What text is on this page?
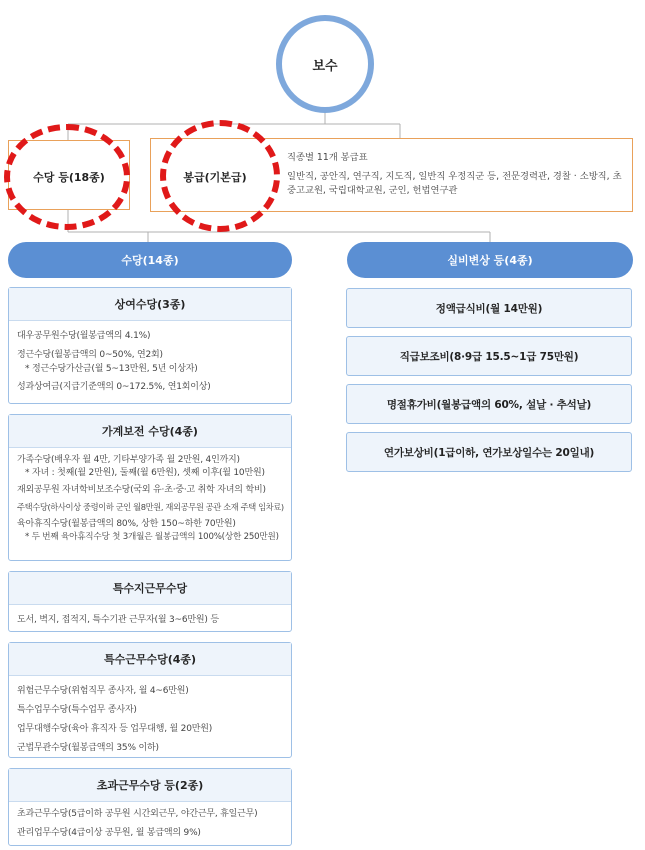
보수
수당 등(18종)	봉급(기본급)
직종별 11개 봉급표
일반직, 공안직, 연구직, 지도직, 일반직 우정직군 등, 전문경력관, 경찰 · 소방직, 초중고교원, 국립대학교원, 군인, 헌법연구관
수당(14종)	실비변상 등(4종)
상여수당(3종)
대우공무원수당(월봉급액의 4.1%)
정근수당(월봉급액의 0~50%, 연2회)
* 정근수당가산금(월 5~13만원, 5년 이상자)
성과상여금(지급기준액의 0~172.5%, 연1회이상)
가계보전 수당(4종)
가족수당(배우자 월 4만, 기타부양가족 월 2만원, 4인까지)
* 자녀 : 첫째(월 2만원), 둘째(월 6만원), 셋째 이후(월 10만원)
재외공무원 자녀학비보조수당(국외 유·초·중·고 취학 자녀의 학비)
주택수당(하사이상 중령이하 군인 월8만원, 재외공무원 공관 소재 주택 임차료)
육아휴직수당(월봉급액의 80%, 상한 150~하한 70만원)
* 두 번째 육아휴직수당 첫 3개월은 월봉급액의 100%(상한 250만원)
특수지근무수당
도서, 벽지, 접적지, 특수기관 근무자(월 3~6만원) 등
특수근무수당(4종)
위험근무수당(위험직무 종사자, 월 4~6만원)
특수업무수당(특수업무 종사자)
업무대행수당(육아 휴직자 등 업무대행, 월 20만원)
군법무관수당(월봉급액의 35% 이하)
초과근무수당 등(2종)
초과근무수당(5급이하 공무원 시간외근무, 야간근무, 휴일근무)
관리업무수당(4급이상 공무원, 월 봉급액의 9%)
정액급식비(월 14만원)
직급보조비(8·9급 15.5~1급 75만원)
명절휴가비(월봉급액의 60%, 설날 · 추석날)
연가보상비(1급이하, 연가보상일수는 20일내)
